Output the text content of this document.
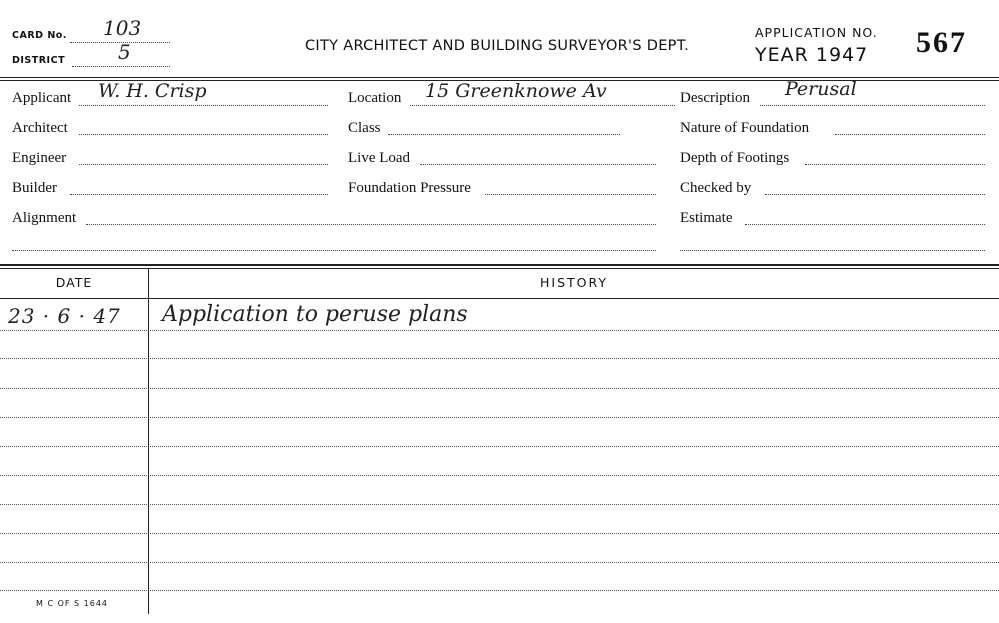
CARD No. 103
DISTRICT	5	CITY ARCHITECT AND BUILDING SURVEYOR'S DEPT.
APPLICATION NO.
YEAR 1947 567
Applicant W. H. Crisp
Architect
Engineer
Builder
Alignment
Location 15 Greenknowe Av
Class
Live Load
Foundation Pressure
Description Perusal
Nature of Foundation
Depth of Footings
Checked by
Estimate
DATE	HISTORY
23 · 6 · 47 Application to peruse plans
M C OF S 1644
